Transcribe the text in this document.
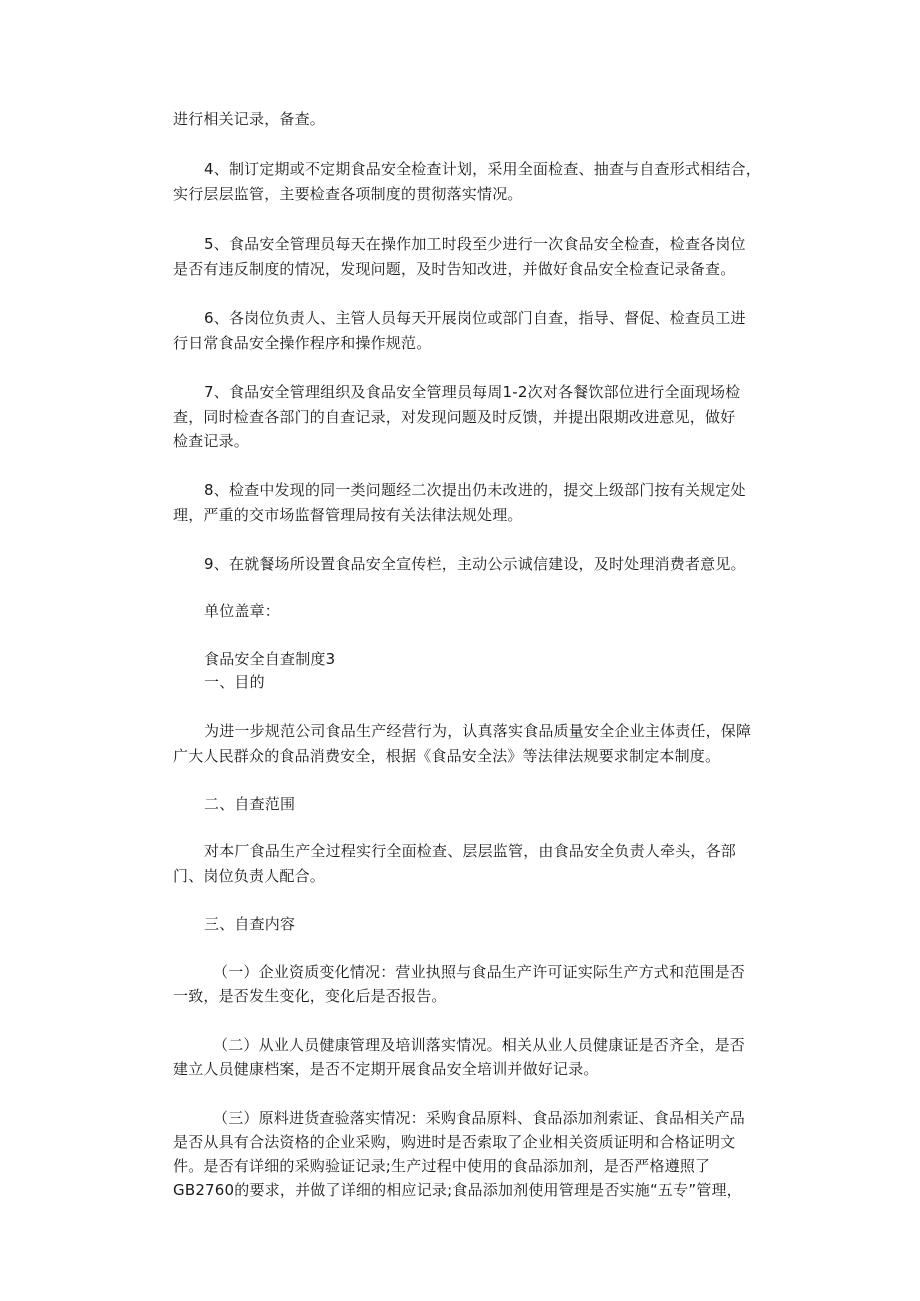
进行相关记录，备查。
4、制订定期或不定期食品安全检查计划，采用全面检查、抽查与自查形式相结合，
实行层层监管，主要检查各项制度的贯彻落实情况。
5、食品安全管理员每天在操作加工时段至少进行一次食品安全检查，检查各岗位
是否有违反制度的情况，发现问题，及时告知改进，并做好食品安全检查记录备查。
6、各岗位负责人、主管人员每天开展岗位或部门自查，指导、督促、检查员工进
行日常食品安全操作程序和操作规范。
7、食品安全管理组织及食品安全管理员每周1-2次对各餐饮部位进行全面现场检
查，同时检查各部门的自查记录，对发现问题及时反馈，并提出限期改进意见，做好
检查记录。
8、检查中发现的同一类问题经二次提出仍未改进的，提交上级部门按有关规定处
理，严重的交市场监督管理局按有关法律法规处理。
9、在就餐场所设置食品安全宣传栏，主动公示诚信建设，及时处理消费者意见。
单位盖章：
食品安全自查制度3
一、目的
为进一步规范公司食品生产经营行为，认真落实食品质量安全企业主体责任，保障
广大人民群众的食品消费安全，根据《食品安全法》等法律法规要求制定本制度。
二、自查范围
对本厂食品生产全过程实行全面检查、层层监管，由食品安全负责人牵头，各部
门、岗位负责人配合。
三、自查内容
（一）企业资质变化情况：营业执照与食品生产许可证实际生产方式和范围是否
一致，是否发生变化，变化后是否报告。
（二）从业人员健康管理及培训落实情况。相关从业人员健康证是否齐全，是否
建立人员健康档案，是否不定期开展食品安全培训并做好记录。
（三）原料进货查验落实情况：采购食品原料、食品添加剂索证、食品相关产品
是否从具有合法资格的企业采购，购进时是否索取了企业相关资质证明和合格证明文
件。是否有详细的采购验证记录;生产过程中使用的食品添加剂，是否严格遵照了
GB2760的要求，并做了详细的相应记录;食品添加剂使用管理是否实施“五专”管理，
